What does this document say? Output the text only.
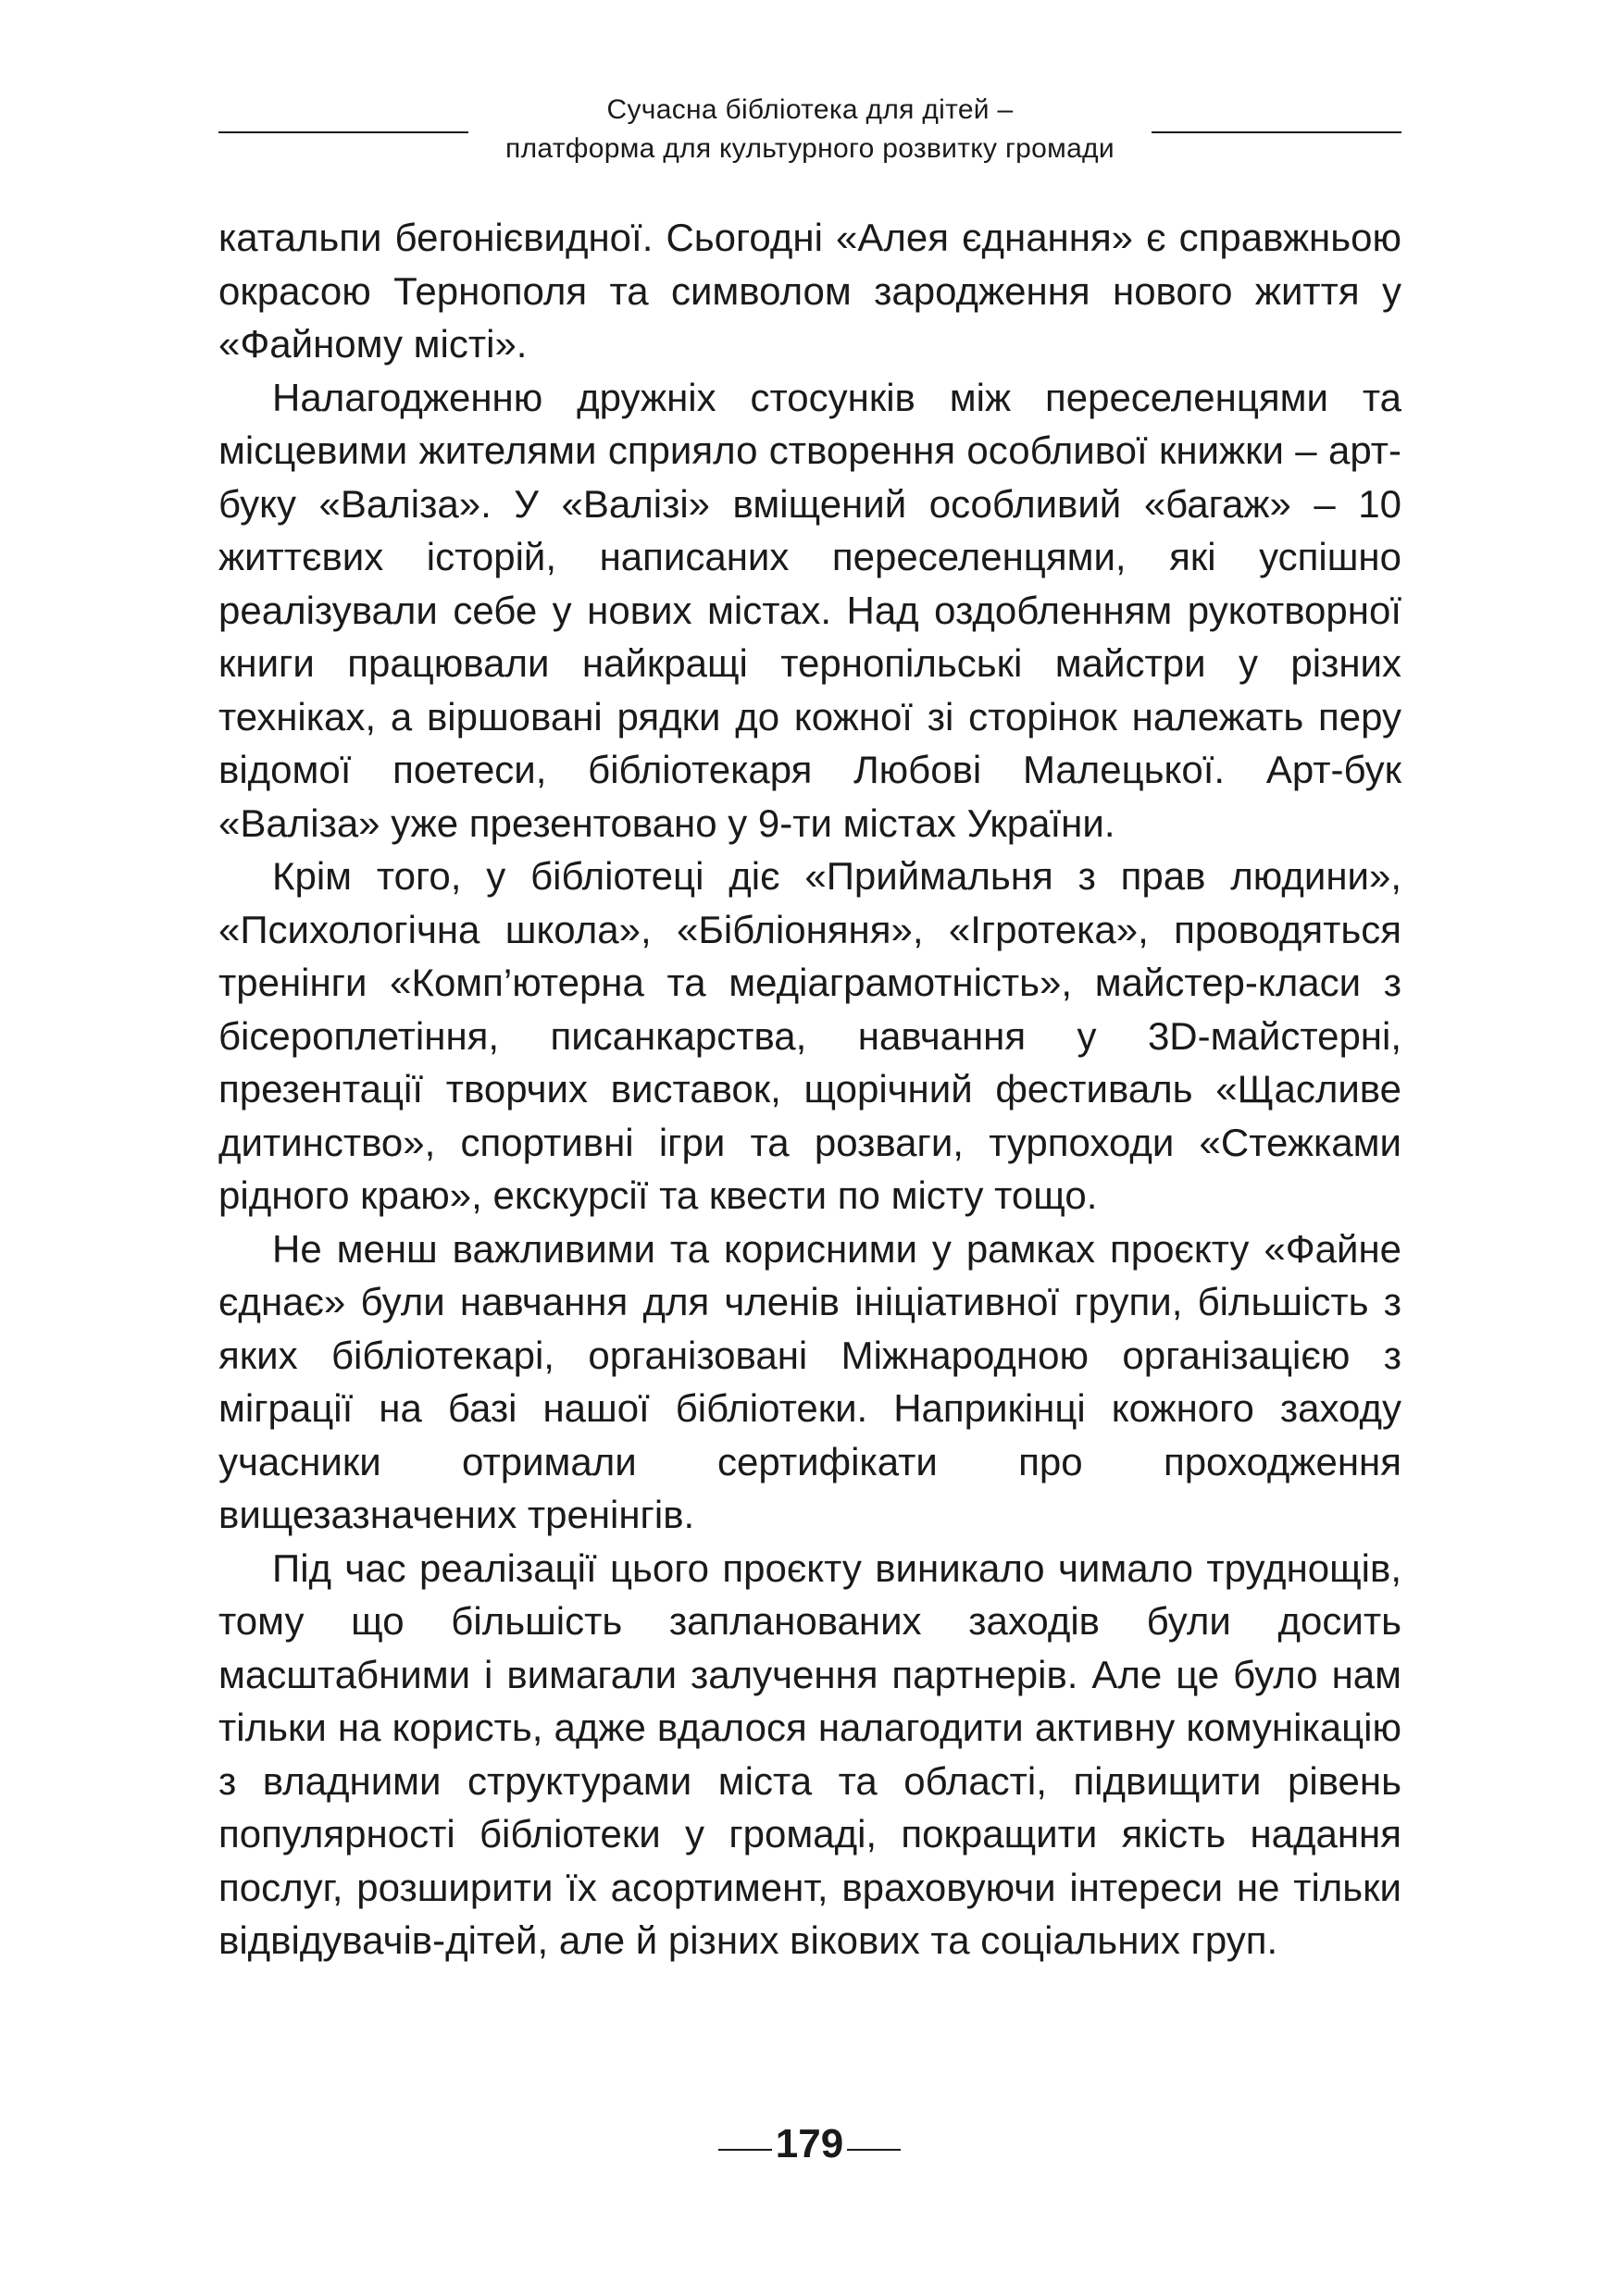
Сучасна бібліотека для дітей –
платформа для культурного розвитку громади

катальпи бегонієвидної. Сьогодні «Алея єднання» є справжньою окрасою Тернополя та символом зародження нового життя у «Файному місті».

Налагодженню дружніх стосунків між переселенцями та місцевими жителями сприяло створення особливої книжки – арт-буку «Валіза». У «Валізі» вміщений особливий «багаж» – 10 життєвих історій, написаних переселенцями, які успішно реалізували себе у нових містах. Над оздобленням рукотворної книги працювали найкращі тернопільські майстри у різних техніках, а віршовані рядки до кожної зі сторінок належать перу відомої поетеси, бібліотекаря Любові Малецької. Арт-бук «Валіза» уже презентовано у 9-ти містах України.

Крім того, у бібліотеці діє «Приймальня з прав людини», «Психологічна школа», «Бібліоняня», «Ігротека», проводяться тренінги «Комп’ютерна та медіаграмотність», майстер-класи з бісероплетіння, писанкарства, навчання у 3D-майстерні, презентації творчих виставок, щорічний фестиваль «Щасливе дитинство», спортивні ігри та розваги, турпоходи «Стежками рідного краю», екскурсії та квести по місту тощо.

Не менш важливими та корисними у рамках проєкту «Файне єднає» були навчання для членів ініціативної групи, більшість з яких бібліотекарі, організовані Міжнародною організацією з міграції на базі нашої бібліотеки. Наприкінці кожного заходу учасники отримали сертифікати про проходження вищезазначених тренінгів.

Під час реалізації цього проєкту виникало чимало труднощів, тому що більшість запланованих заходів були досить масштабними і вимагали залучення партнерів. Але це було нам тільки на користь, адже вдалося налагодити активну комунікацію з владними структурами міста та області, підвищити рівень популярності бібліотеки у громаді, покращити якість надання послуг, розширити їх асортимент, враховуючи інтереси не тільки відвідувачів-дітей, але й різних вікових та соціальних груп.

179
